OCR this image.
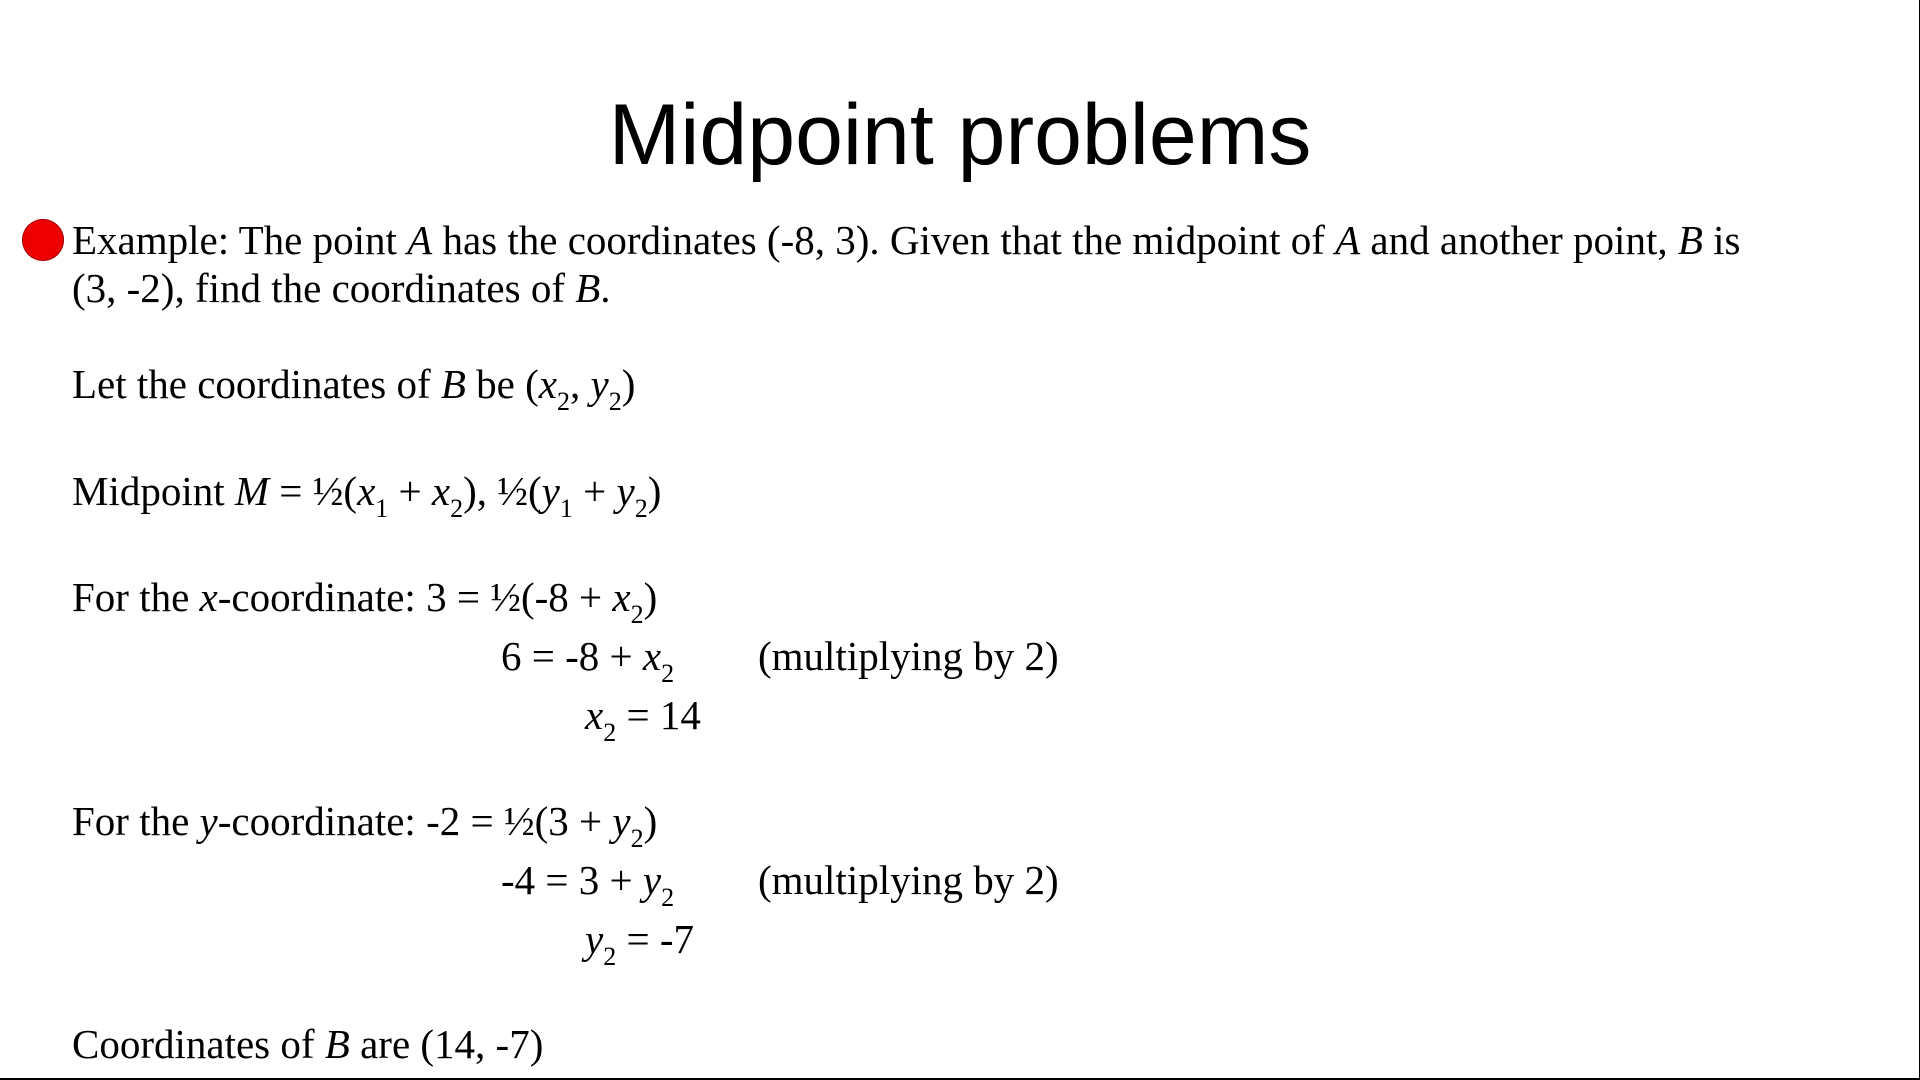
Midpoint problems
Example: The point A has the coordinates (-8, 3). Given that the midpoint of A and another point, B is
(3, -2), find the coordinates of B.
Let the coordinates of B be ($x_2$, $y_2$)
Midpoint $M = \frac{1}{2}(x_1 + x_2)$, $\frac{1}{2}(y_1 + y_2)$
For the x-coordinate: 3 = ½(-8 + $x_2$)
$6 = -8 + x_2$ (multiplying by 2)
$x_2 = 14$
For the y-coordinate: -2 = ½(3 + $y_2$)
$-4 = 3 + y_2$ (multiplying by 2)
$y_2 = -7$
Coordinates of B are (14, -7)
